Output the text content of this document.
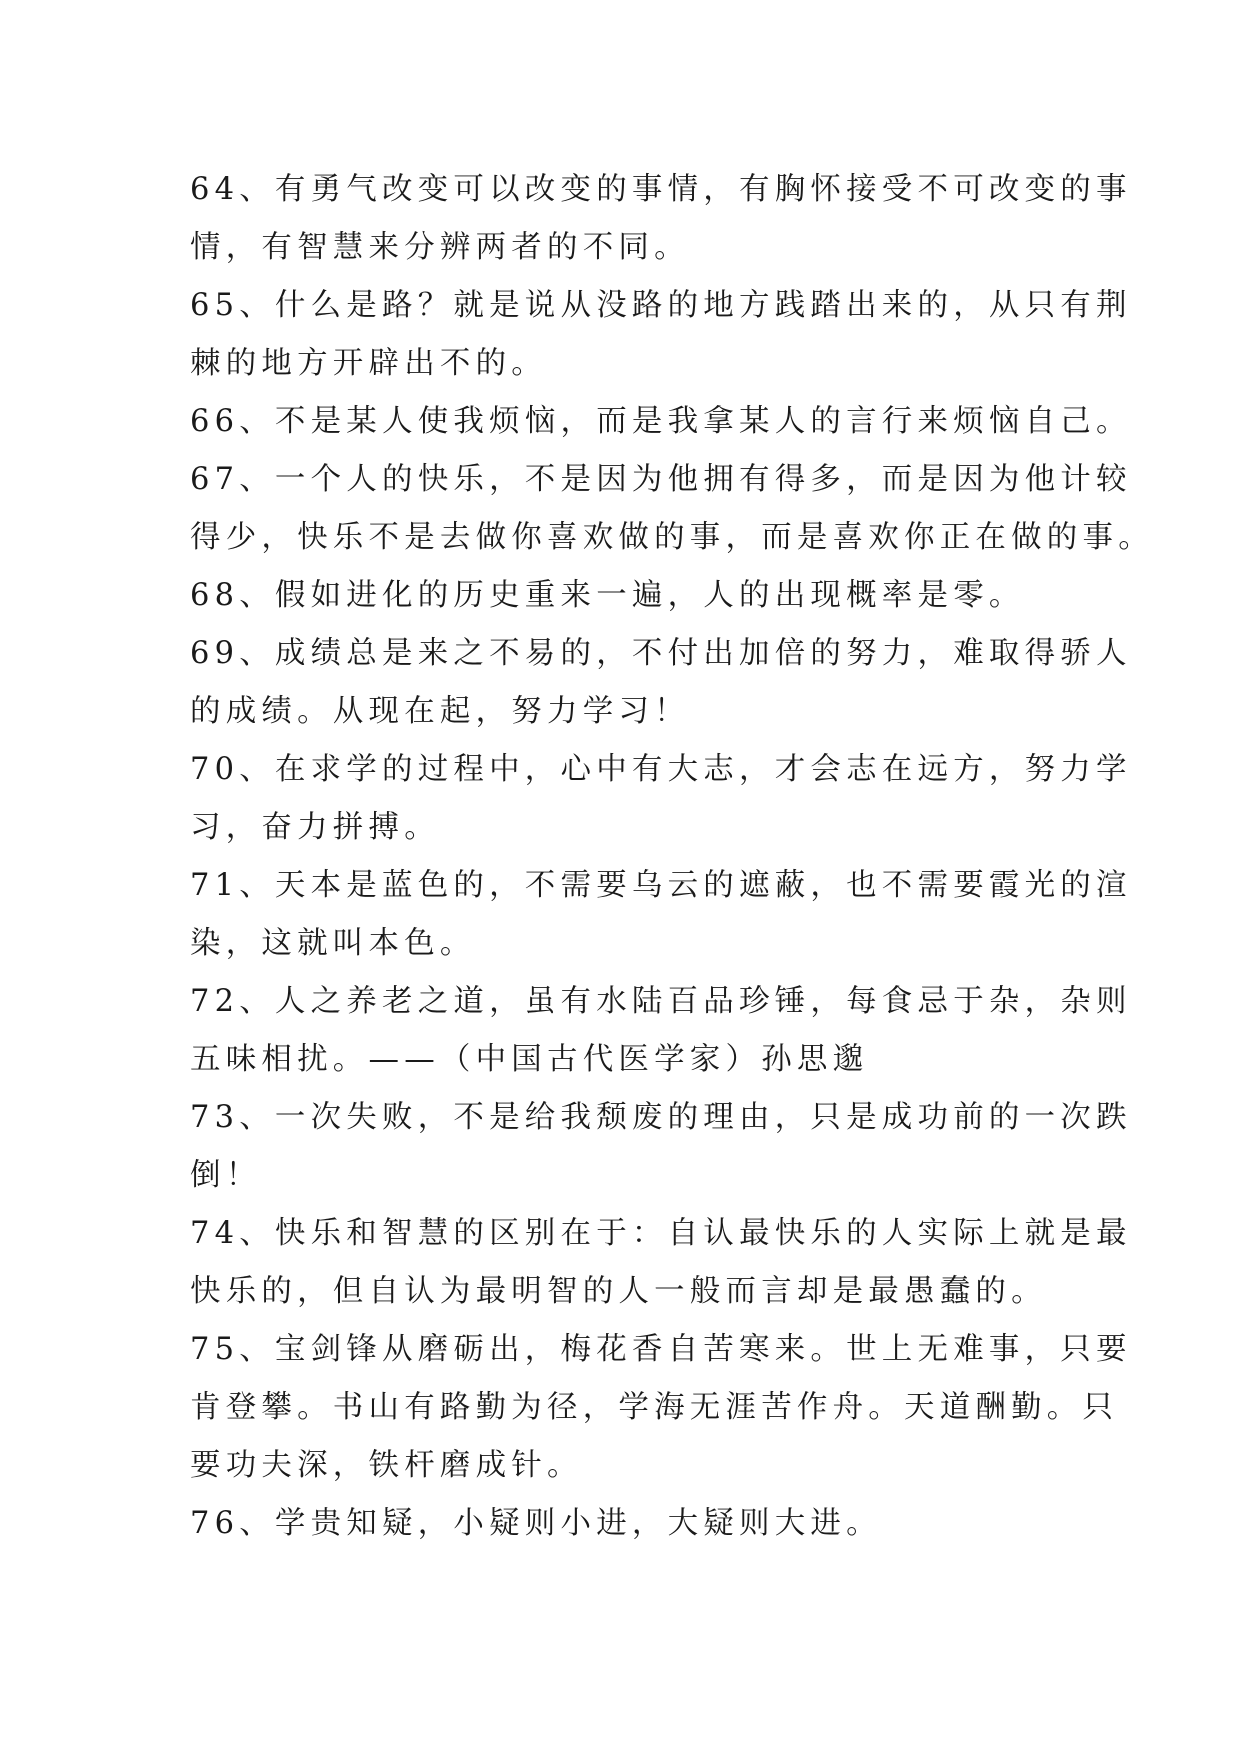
64、有勇气改变可以改变的事情，有胸怀接受不可改变的事
情，有智慧来分辨两者的不同。
65、什么是路？就是说从没路的地方践踏出来的，从只有荆
棘的地方开辟出不的。
66、不是某人使我烦恼，而是我拿某人的言行来烦恼自己。
67、一个人的快乐，不是因为他拥有得多，而是因为他计较
得少，快乐不是去做你喜欢做的事，而是喜欢你正在做的事。
68、假如进化的历史重来一遍，人的出现概率是零。
69、成绩总是来之不易的，不付出加倍的努力，难取得骄人
的成绩。从现在起，努力学习！
70、在求学的过程中，心中有大志，才会志在远方，努力学
习，奋力拼搏。
71、天本是蓝色的，不需要乌云的遮蔽，也不需要霞光的渲
染，这就叫本色。
72、人之养老之道，虽有水陆百品珍锤，每食忌于杂，杂则
五味相扰。——（中国古代医学家）孙思邈
73、一次失败，不是给我颓废的理由，只是成功前的一次跌
倒！
74、快乐和智慧的区别在于：自认最快乐的人实际上就是最
快乐的，但自认为最明智的人一般而言却是最愚蠢的。
75、宝剑锋从磨砺出，梅花香自苦寒来。世上无难事，只要
肯登攀。书山有路勤为径，学海无涯苦作舟。天道酬勤。只
要功夫深，铁杆磨成针。
76、学贵知疑，小疑则小进，大疑则大进。
